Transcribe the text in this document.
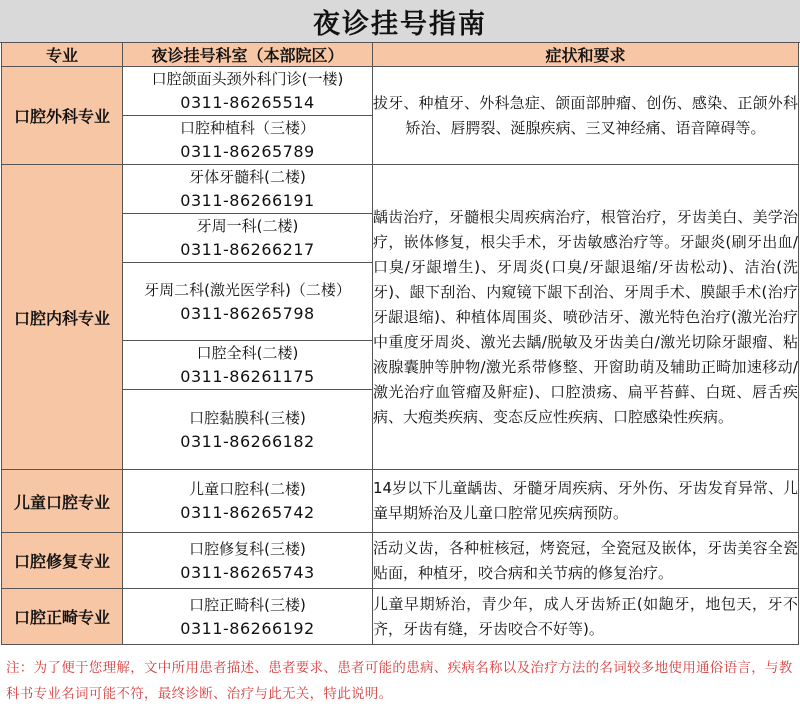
夜诊挂号指南
专业	夜诊挂号科室（本部院区）	症状和要求
口腔外科专业	口腔颌面头颈外科门诊(一楼)
0311-86265514	拔牙、种植牙、外科急症、颌面部肿瘤、创伤、感染、正颌外科矫治、唇腭裂、涎腺疾病、三叉神经痛、语音障碍等。

	口腔种植科（三楼）
0311-86265789	

口腔内科专业	牙体牙髓科(二楼)
0311-86266191	龋齿治疗，牙髓根尖周疾病治疗，根管治疗，牙齿美白、美学治疗，嵌体修复，根尖手术，牙齿敏感治疗等。牙龈炎(刷牙出血/口臭/牙龈增生)、牙周炎(口臭/牙龈退缩/牙齿松动)、洁治(洗牙)、龈下刮治、内窥镜下龈下刮治、牙周手术、膜龈手术(治疗牙龈退缩)、种植体周围炎、喷砂洁牙、激光特色治疗(激光治疗中重度牙周炎、激光去龋/脱敏及牙齿美白/激光切除牙龈瘤、粘液腺囊肿等肿物/激光系带修整、开窗助萌及辅助正畸加速移动/激光治疗血管瘤及鼾症)、口腔溃疡、扁平苔藓、白斑、唇舌疾病、大疱类疾病、变态反应性疾病、口腔感染性疾病。

	牙周一科(二楼)
0311-86266217	

	牙周二科(激光医学科)（二楼）
0311-86265798	

	口腔全科(二楼)
0311-86261175	

	口腔黏膜科(三楼)
0311-86266182	

儿童口腔专业	儿童口腔科(二楼)
0311-86265742	14岁以下儿童龋齿、牙髓牙周疾病、牙外伤、牙齿发育异常、儿童早期矫治及儿童口腔常见疾病预防。
口腔修复专业	口腔修复科(三楼)
0311-86265743	活动义齿，各种桩核冠，烤瓷冠，全瓷冠及嵌体，牙齿美容全瓷贴面，种植牙，咬合病和关节病的修复治疗。
口腔正畸专业	口腔正畸科(三楼)
0311-86266192	儿童早期矫治，青少年，成人牙齿矫正(如龅牙，地包天，牙不齐，牙齿有缝，牙齿咬合不好等)。
注：为了便于您理解，文中所用患者描述、患者要求、患者可能的患病、疾病名称以及治疗方法的名词较多地使用通俗语言，与教科书专业名词可能不符，最终诊断、治疗与此无关，特此说明。
